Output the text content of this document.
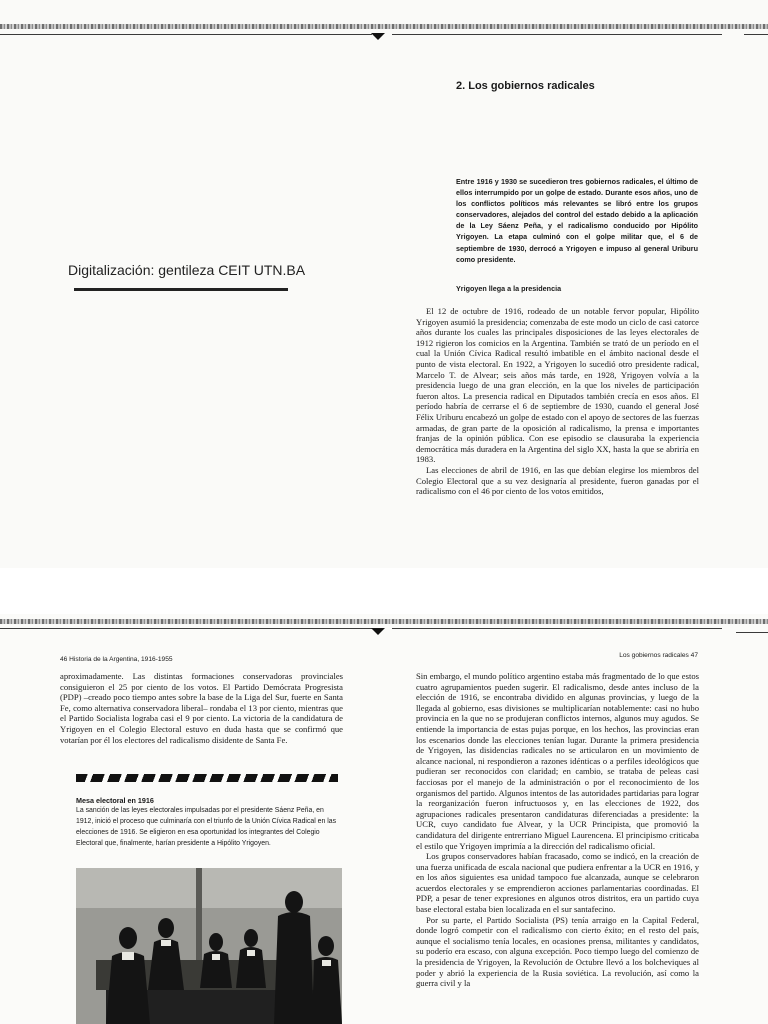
2. Los gobiernos radicales
Entre 1916 y 1930 se sucedieron tres gobiernos radicales, el último de ellos interrumpido por un golpe de estado. Durante esos años, uno de los conflictos políticos más relevantes se libró entre los grupos conservadores, alejados del control del estado debido a la aplicación de la Ley Sáenz Peña, y el radicalismo conducido por Hipólito Yrigoyen. La etapa culminó con el golpe militar que, el 6 de septiembre de 1930, derrocó a Yrigoyen e impuso al general Uriburu como presidente.
Digitalización: gentileza CEIT UTN.BA
Yrigoyen llega a la presidencia

El 12 de octubre de 1916, rodeado de un notable fervor popular, Hipólito Yrigoyen asumió la presidencia; comenzaba de este modo un ciclo de casi catorce años durante los cuales las principales disposiciones de las leyes electorales de 1912 rigieron los comicios en la Argentina. También se trató de un período en el cual la Unión Cívica Radical resultó imbatible en el ámbito nacional desde el punto de vista electoral. En 1922, a Yrigoyen lo sucedió otro presidente radical, Marcelo T. de Alvear; seis años más tarde, en 1928, Yrigoyen volvía a la presidencia luego de una gran elección, en la que los niveles de participación fueron altos. La presencia radical en Diputados también crecía en esos años. El período habría de cerrarse el 6 de septiembre de 1930, cuando el general José Félix Uriburu encabezó un golpe de estado con el apoyo de sectores de las fuerzas armadas, de gran parte de la oposición al radicalismo, la prensa e importantes franjas de la opinión pública. Con ese episodio se clausuraba la experiencia democrática más duradera en la Argentina del siglo XX, hasta la que se abriría en 1983.

Las elecciones de abril de 1916, en las que debían elegirse los miembros del Colegio Electoral que a su vez designaría al presidente, fueron ganadas por el radicalismo con el 46 por ciento de los votos emitidos,

46 Historia de la Argentina, 1916-1955
Los gobiernos radicales 47

aproximadamente. Las distintas formaciones conservadoras provinciales consiguieron el 25 por ciento de los votos. El Partido Demócrata Progresista (PDP) –creado poco tiempo antes sobre la base de la Liga del Sur, fuerte en Santa Fe, como alternativa conservadora liberal– rondaba el 13 por ciento, mientras que el Partido Socialista lograba casi el 9 por ciento. La victoria de la candidatura de Yrigoyen en el Colegio Electoral estuvo en duda hasta que se confirmó que votarían por él los electores del radicalismo disidente de Santa Fe.

Mesa electoral en 1916
La sanción de las leyes electorales impulsadas por el presidente Sáenz Peña, en 1912, inició el proceso que culminaría con el triunfo de la Unión Cívica Radical en las elecciones de 1916. Se eligieron en esa oportunidad los integrantes del Colegio Electoral que, finalmente, harían presidente a Hipólito Yrigoyen.

Sin embargo, el mundo político argentino estaba más fragmentado de lo que estos cuatro agrupamientos pueden sugerir. El radicalismo, desde antes incluso de la elección de 1916, se encontraba dividido en algunas provincias, y luego de la llegada al gobierno, esas divisiones se multiplicarían notablemente: casi no hubo provincia en la que no se produjeran conflictos internos, algunos muy agudos. Se entiende la importancia de estas pujas porque, en los hechos, las provincias eran los escenarios donde las elecciones tenían lugar. Durante la primera presidencia de Yrigoyen, las disidencias radicales no se articularon en un movimiento de alcance nacional, ni respondieron a razones idénticas o a perfiles ideológicos que pudieran ser reconocidos con claridad; en cambio, se trataba de peleas casi facciosas por el manejo de la administración o por el reconocimiento de los organismos del partido. Algunos intentos de las autoridades partidarias para lograr la reorganización fueron infructuosos y, en las elecciones de 1922, dos agrupaciones radicales presentaron candidaturas diferenciadas a presidente: la UCR, cuyo candidato fue Alvear, y la UCR Principista, que promovió la candidatura del dirigente entrerriano Miguel Laurencena. El principismo criticaba el estilo que Yrigoyen imprimía a la dirección del radicalismo oficial.

Los grupos conservadores habían fracasado, como se indicó, en la creación de una fuerza unificada de escala nacional que pudiera enfrentar a la UCR en 1916, y en los años siguientes esa unidad tampoco fue alcanzada, aunque se celebraron acuerdos electorales y se emprendieron acciones parlamentarias coordinadas. El PDP, a pesar de tener expresiones en algunos otros distritos, era un partido cuya base electoral estaba bien localizada en el sur santafecino.

Por su parte, el Partido Socialista (PS) tenía arraigo en la Capital Federal, donde logró competir con el radicalismo con cierto éxito; en el resto del país, aunque el socialismo tenía locales, en ocasiones prensa, militantes y candidatos, su poderío era escaso, con alguna excepción. Poco tiempo luego del comienzo de la presidencia de Yrigoyen, la Revolución de Octubre llevó a los bolcheviques al poder y abrió la experiencia de la Rusia soviética. La revolución, así como la guerra civil y la
